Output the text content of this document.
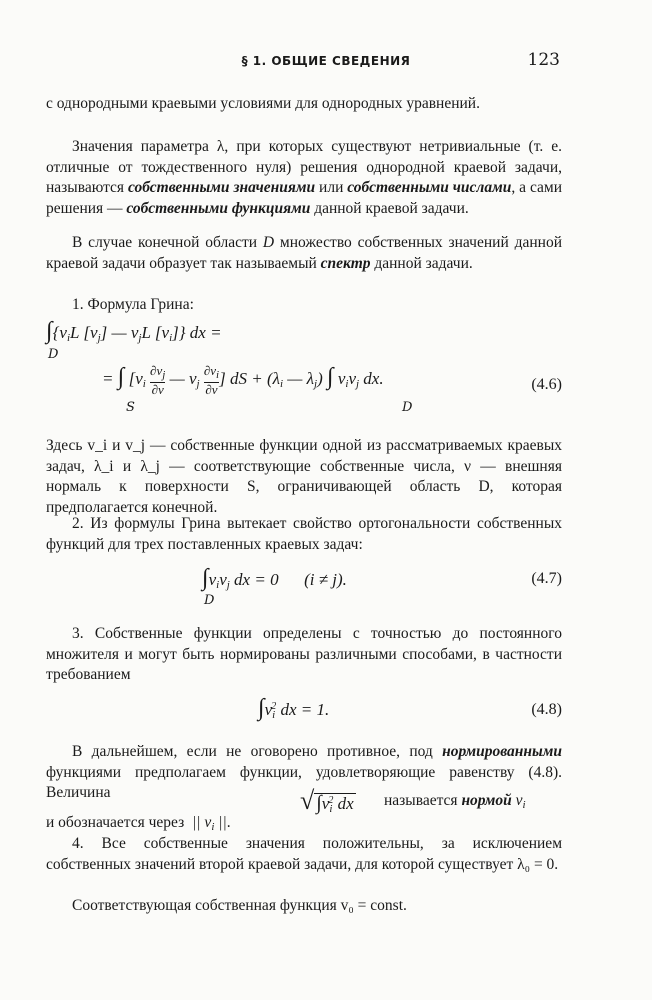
§ 1. ОБЩИЕ СВЕДЕНИЯ	123
с однородными краевыми условиями для однородных уравнений.
Значения параметра λ, при которых существуют нетривиальные (т. е. отличные от тождественного нуля) решения однородной краевой задачи, называются собственными значениями или собственными числами, а сами решения — собственными функциями данной краевой задачи.
В случае конечной области D множество собственных значений данной краевой задачи образует так называемый спектр данной задачи.
1. Формула Грина:
$\int\{v_iL$ $[v_j]$ — $v_jL$ $[v_i]$} dx =
D
= ∫ [$v_i \frac{\partial v_j}{\partial\nu}$ — $v_j \frac{\partial v_i}{\partial\nu}$ ] dS + ($\lambda_i$ — $\lambda_j$) ∫ $v_iv_j$ dx.
S	D
(4.6)
Здесь v_i и v_j — собственные функции одной из рассматриваемых краевых задач, λ_i и λ_j — соответствующие собственные числа, ν — внешняя нормаль к поверхности S, ограничивающей область D, которая предполагается конечной.
2. Из формулы Грина вытекает свойство ортогональности собственных функций для трех поставленных краевых задач:
$\int v_iv_j$ dx = 0      (i ≠ j).
D
(4.7)
3. Собственные функции определены с точностью до постоянного множителя и могут быть нормированы различными способами, в частности требованием
$\int v_i^2$ dx = 1.	(4.8)
В дальнейшем, если не оговорено противное, под нормированными функциями предполагаем функции, удовлетворяющие равенству (4.8). Величина	√ $\int v_i^2$ dx называется нормой $v_i$
и обозначается через  || $v_i$ ||.
4. Все собственные значения положительны, за исключением собственных значений второй краевой задачи, для которой существует λ₀ = 0.
Соответствующая собственная функция v₀ = const.
